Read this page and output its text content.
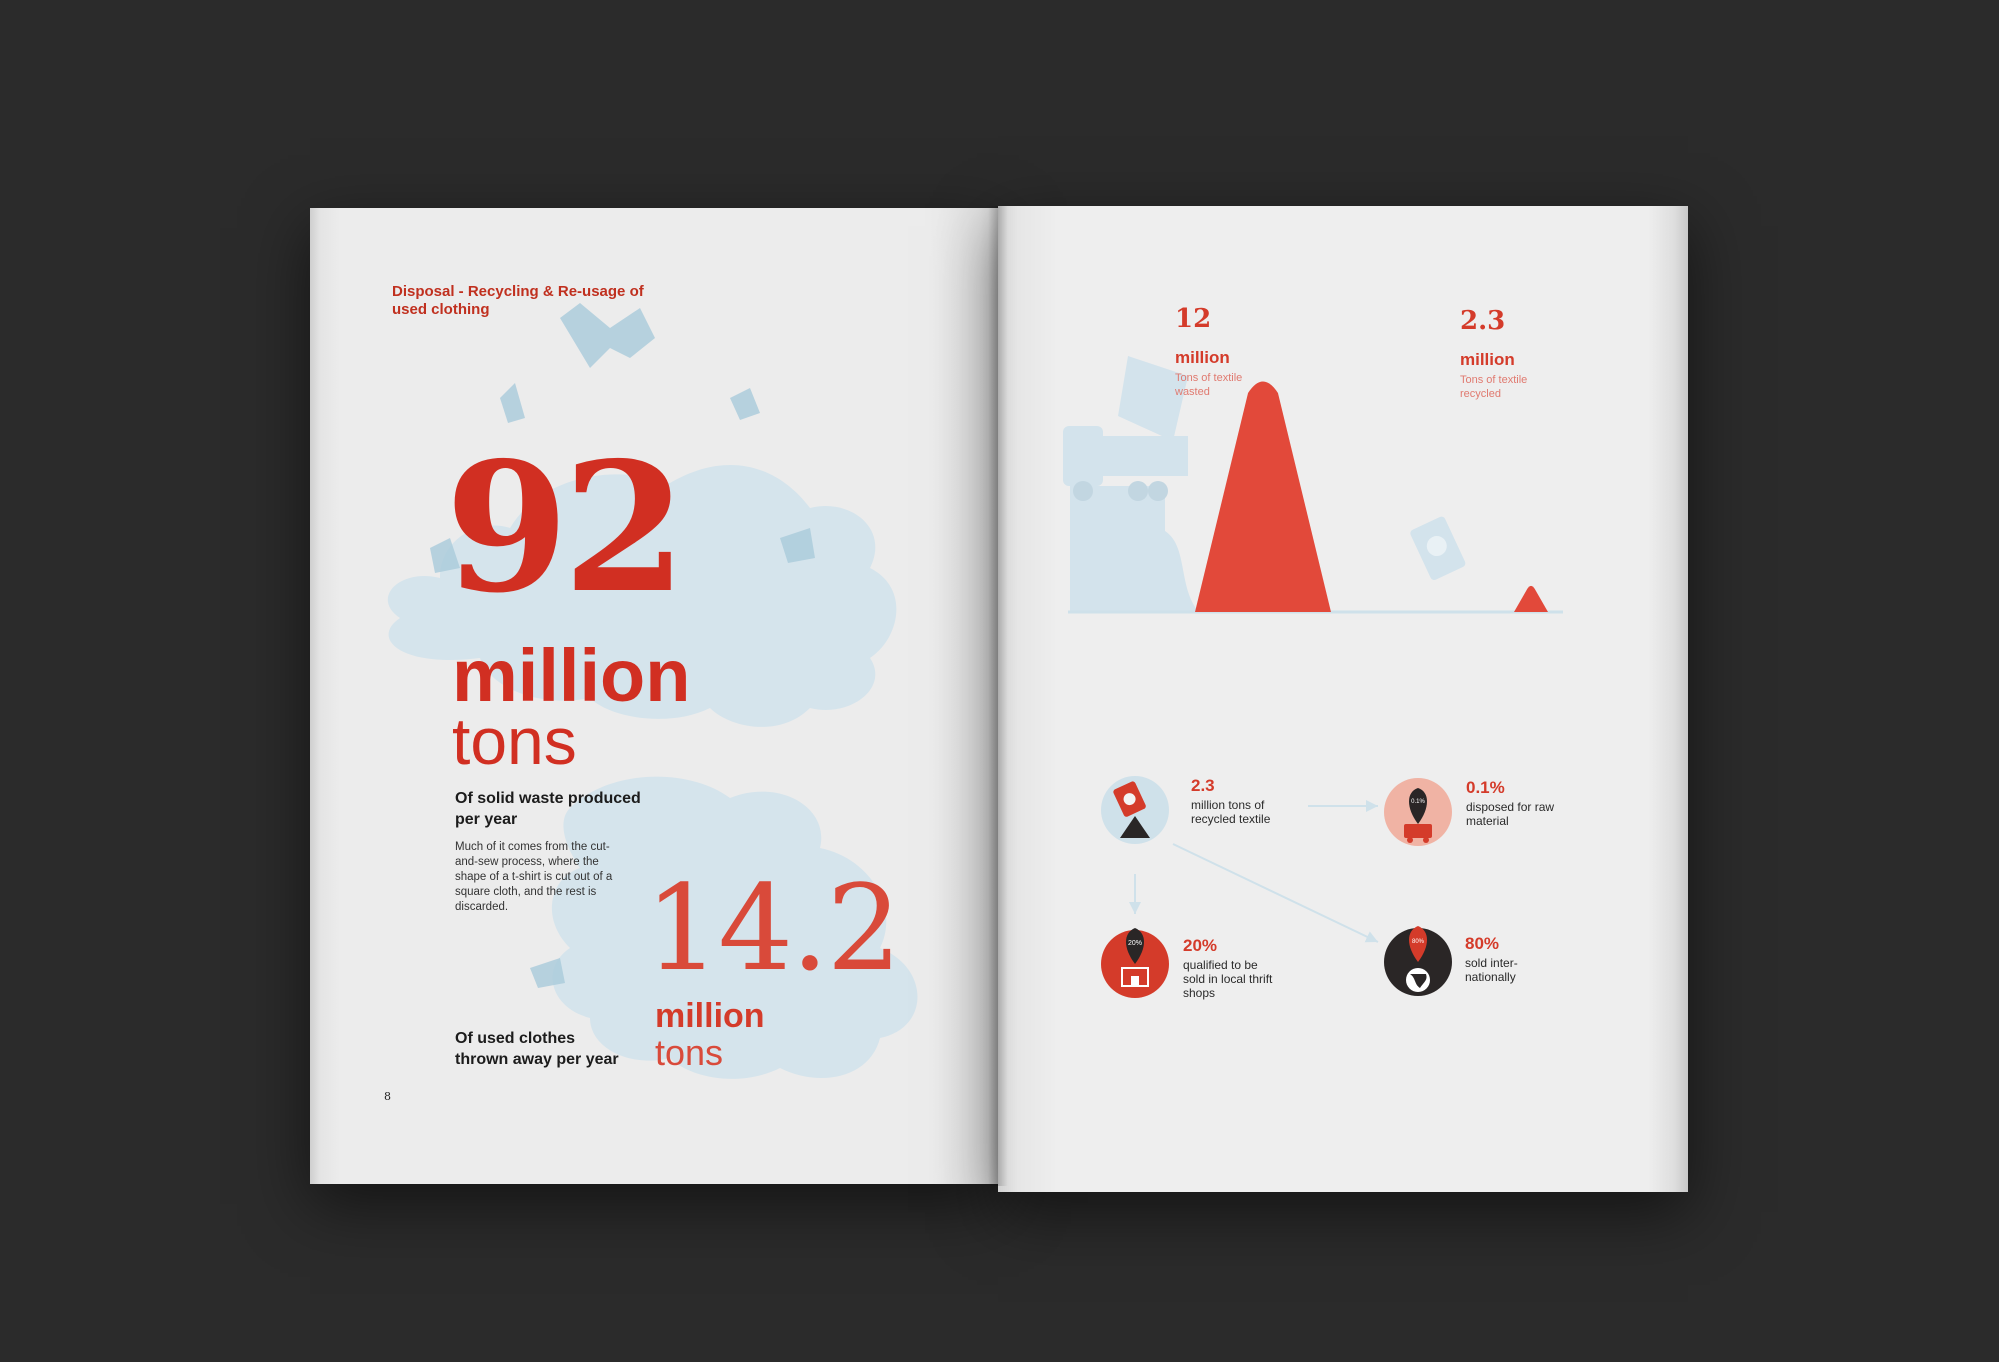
Disposal - Recycling & Re-usage of used clothing
92
million
tons
Of solid waste produced per year
Much of it comes from the cut-and-sew process, where the shape of a t-shirt is cut out of a square cloth, and the rest is discarded.	14.2
million
tons
Of used clothes thrown away per year
8
12
million
Tons of textile wasted
2.3
million
Tons of textile recycled
0.1%
20%	80%
2.3
million tons of recycled textile
0.1%
disposed for raw material
20%
qualified to be sold in local thrift shops
80%
sold inter- nationally
